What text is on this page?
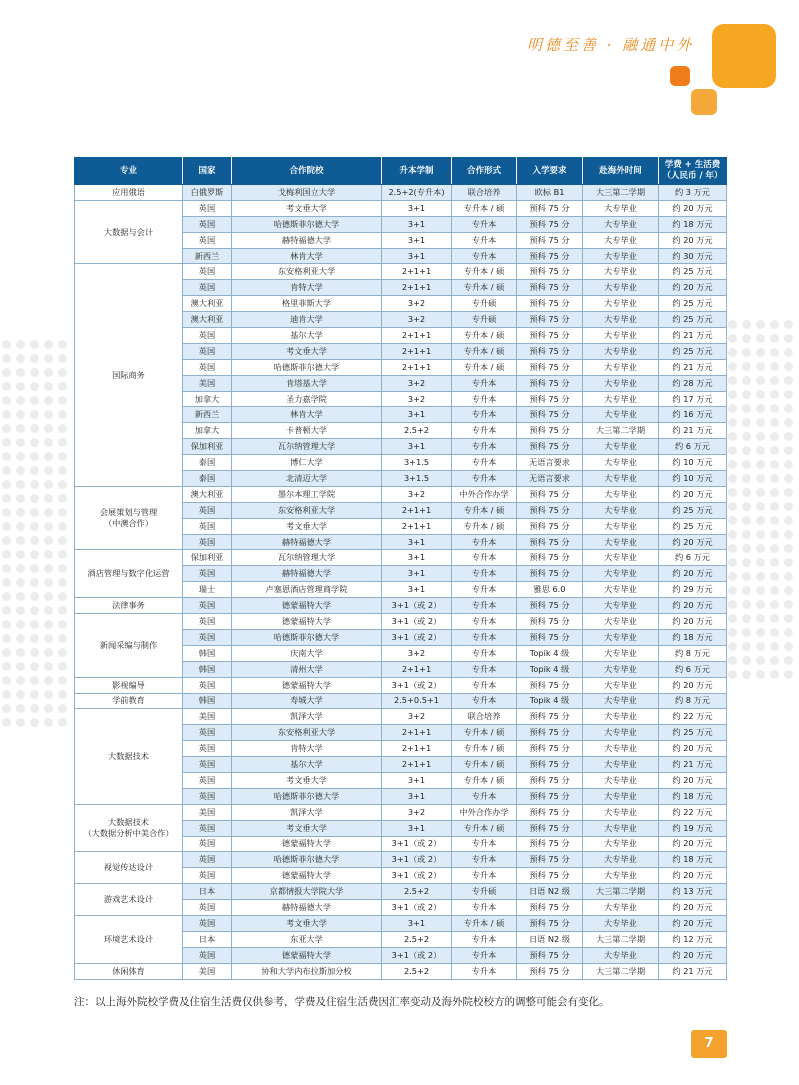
明德至善 · 融通中外
专业	国家	合作院校	升本学制	合作形式	入学要求	赴海外时间	学费 + 生活费
（人民币 / 年）
应用俄语	白俄罗斯	戈梅利国立大学	2.5+2(专升本)	联合培养	欧标 B1	大三第二学期	约 3 万元
大数据与会计	英国	考文垂大学	3+1	专升本 / 硕	预科 75 分	大专毕业	约 20 万元
	英国	哈德斯菲尔德大学	3+1	专升本	预科 75 分	大专毕业	约 18 万元
	英国	赫特福德大学	3+1	专升本	预科 75 分	大专毕业	约 20 万元
	新西兰	林肯大学	3+1	专升本	预科 75 分	大专毕业	约 30 万元
国际商务	英国	东安格利亚大学	2+1+1	专升本 / 硕	预科 75 分	大专毕业	约 25 万元
	英国	肯特大学	2+1+1	专升本 / 硕	预科 75 分	大专毕业	约 20 万元
	澳大利亚	格里菲斯大学	3+2	专升硕	预科 75 分	大专毕业	约 25 万元
	澳大利亚	迪肯大学	3+2	专升硕	预科 75 分	大专毕业	约 25 万元
	英国	基尔大学	2+1+1	专升本 / 硕	预科 75 分	大专毕业	约 21 万元
	英国	考文垂大学	2+1+1	专升本 / 硕	预科 75 分	大专毕业	约 25 万元
	英国	哈德斯菲尔德大学	2+1+1	专升本 / 硕	预科 75 分	大专毕业	约 21 万元
	美国	肯塔基大学	3+2	专升本	预科 75 分	大专毕业	约 28 万元
	加拿大	圣力嘉学院	3+2	专升本	预科 75 分	大专毕业	约 17 万元
	新西兰	林肯大学	3+1	专升本	预科 75 分	大专毕业	约 16 万元
	加拿大	卡普顿大学	2.5+2	专升本	预科 75 分	大三第二学期	约 21 万元
	保加利亚	瓦尔纳管理大学	3+1	专升本	预科 75 分	大专毕业	约 6 万元
	泰国	博仁大学	3+1.5	专升本	无语言要求	大专毕业	约 10 万元
	泰国	北清迈大学	3+1.5	专升本	无语言要求	大专毕业	约 10 万元
会展策划与管理
（中澳合作）	澳大利亚	墨尔本理工学院	3+2	中外合作办学	预科 75 分	大专毕业	约 20 万元
	英国	东安格利亚大学	2+1+1	专升本 / 硕	预科 75 分	大专毕业	约 25 万元
	英国	考文垂大学	2+1+1	专升本 / 硕	预科 75 分	大专毕业	约 25 万元
	英国	赫特福德大学	3+1	专升本	预科 75 分	大专毕业	约 20 万元
酒店管理与数字化运营	保加利亚	瓦尔纳管理大学	3+1	专升本	预科 75 分	大专毕业	约 6 万元
	英国	赫特福德大学	3+1	专升本	预科 75 分	大专毕业	约 20 万元
	瑞士	卢塞恩酒店管理商学院	3+1	专升本	雅思 6.0	大专毕业	约 29 万元
法律事务	英国	德蒙福特大学	3+1（或 2）	专升本	预科 75 分	大专毕业	约 20 万元
新闻采编与制作	英国	德蒙福特大学	3+1（或 2）	专升本	预科 75 分	大专毕业	约 20 万元
	英国	哈德斯菲尔德大学	3+1（或 2）	专升本	预科 75 分	大专毕业	约 18 万元
	韩国	庆南大学	3+2	专升本	Topik 4 级	大专毕业	约 8 万元
	韩国	清州大学	2+1+1	专升本	Topik 4 级	大专毕业	约 6 万元
影视编导	英国	德蒙福特大学	3+1（或 2）	专升本	预科 75 分	大专毕业	约 20 万元
学前教育	韩国	寿城大学	2.5+0.5+1	专升本	Topik 4 级	大专毕业	约 8 万元
大数据技术	美国	凯泽大学	3+2	联合培养	预科 75 分	大专毕业	约 22 万元
	英国	东安格利亚大学	2+1+1	专升本 / 硕	预科 75 分	大专毕业	约 25 万元
	英国	肯特大学	2+1+1	专升本 / 硕	预科 75 分	大专毕业	约 20 万元
	英国	基尔大学	2+1+1	专升本 / 硕	预科 75 分	大专毕业	约 21 万元
	英国	考文垂大学	3+1	专升本 / 硕	预科 75 分	大专毕业	约 20 万元
	英国	哈德斯菲尔德大学	3+1	专升本	预科 75 分	大专毕业	约 18 万元
大数据技术
（大数据分析中美合作）	美国	凯泽大学	3+2	中外合作办学	预科 75 分	大专毕业	约 22 万元
	英国	考文垂大学	3+1	专升本 / 硕	预科 75 分	大专毕业	约 19 万元
	英国	德蒙福特大学	3+1（或 2）	专升本	预科 75 分	大专毕业	约 20 万元
视觉传达设计	英国	哈德斯菲尔德大学	3+1（或 2）	专升本	预科 75 分	大专毕业	约 18 万元
	英国	德蒙福特大学	3+1（或 2）	专升本	预科 75 分	大专毕业	约 20 万元
游戏艺术设计	日本	京都情报大学院大学	2.5+2	专升硕	日语 N2 级	大三第二学期	约 13 万元
	英国	赫特福德大学	3+1（或 2）	专升本	预科 75 分	大专毕业	约 20 万元
环境艺术设计	英国	考文垂大学	3+1	专升本 / 硕	预科 75 分	大专毕业	约 20 万元
	日本	东亚大学	2.5+2	专升本	日语 N2 级	大三第二学期	约 12 万元
	英国	德蒙福特大学	3+1（或 2）	专升本	预科 75 分	大专毕业	约 20 万元
休闲体育	美国	协和大学内布拉斯加分校	2.5+2	专升本	预科 75 分	大三第二学期	约 21 万元
注：以上海外院校学费及住宿生活费仅供参考，学费及住宿生活费因汇率变动及海外院校校方的调整可能会有变化。
7
